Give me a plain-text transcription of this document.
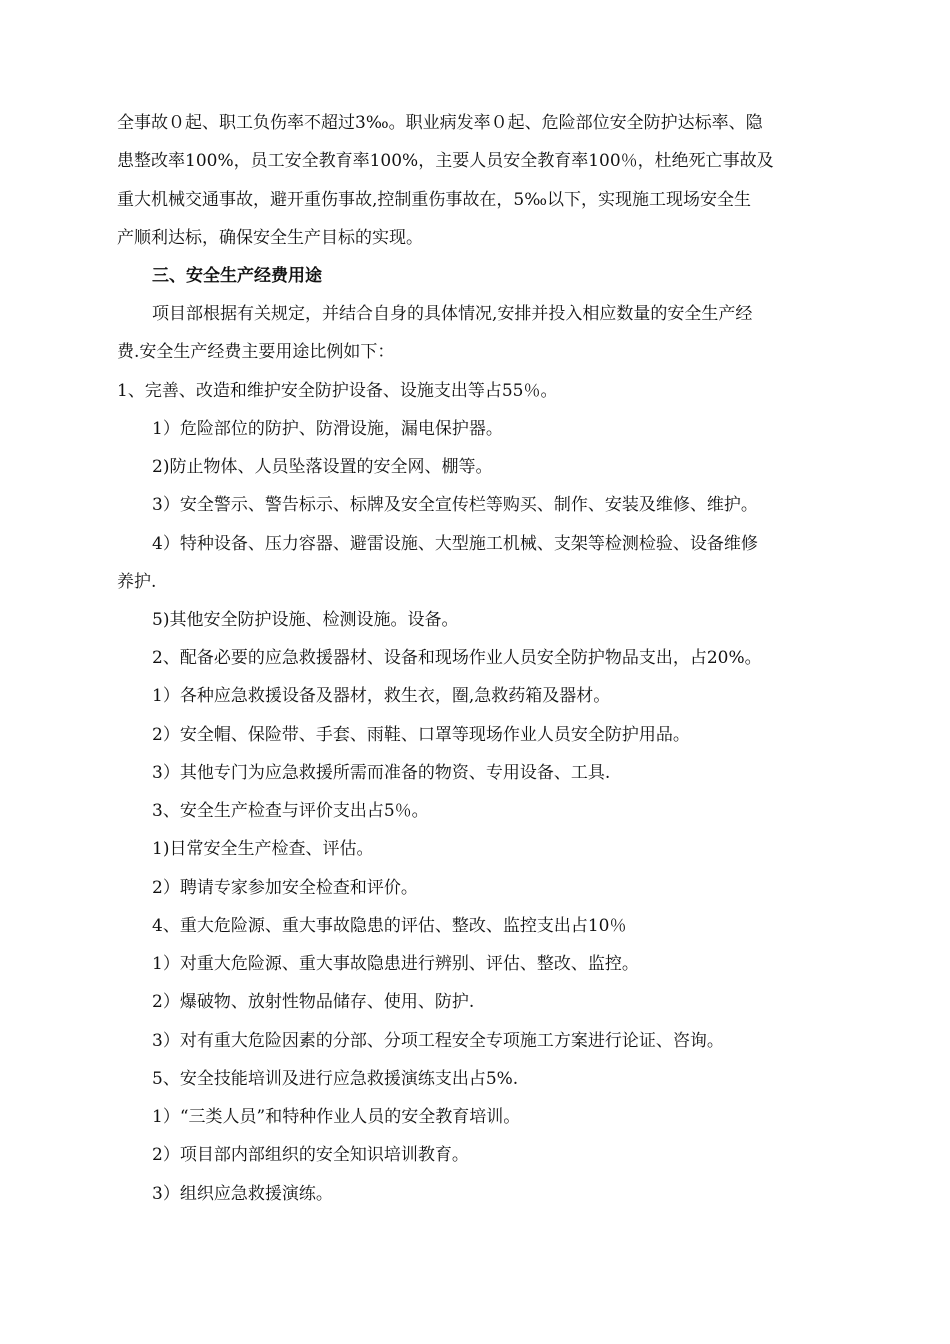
全事故０起、职工负伤率不超过3‰。职业病发率０起、危险部位安全防护达标率、隐
患整改率100%，员工安全教育率100%，主要人员安全教育率100％，杜绝死亡事故及
重大机械交通事故，避开重伤事故,控制重伤事故在，5‰以下，实现施工现场安全生
产顺利达标，确保安全生产目标的实现。
三、安全生产经费用途
项目部根据有关规定，并结合自身的具体情况,安排并投入相应数量的安全生产经
费.安全生产经费主要用途比例如下：
1、完善、改造和维护安全防护设备、设施支出等占55％。
1）危险部位的防护、防滑设施，漏电保护器。
2)防止物体、人员坠落设置的安全网、棚等。
3）安全警示、警告标示、标牌及安全宣传栏等购买、制作、安装及维修、维护。
4）特种设备、压力容器、避雷设施、大型施工机械、支架等检测检验、设备维修
养护.
5)其他安全防护设施、检测设施。设备。
2、配备必要的应急救援器材、设备和现场作业人员安全防护物品支出，占20%。
1）各种应急救援设备及器材，救生衣，圈,急救药箱及器材。
2）安全帽、保险带、手套、雨鞋、口罩等现场作业人员安全防护用品。
3）其他专门为应急救援所需而准备的物资、专用设备、工具.
3、安全生产检查与评价支出占5％。
1)日常安全生产检查、评估。
2）聘请专家参加安全检查和评价。
4、重大危险源、重大事故隐患的评估、整改、监控支出占10％
1）对重大危险源、重大事故隐患进行辨别、评估、整改、监控。
2）爆破物、放射性物品储存、使用、防护.
3）对有重大危险因素的分部、分项工程安全专项施工方案进行论证、咨询。
5、安全技能培训及进行应急救援演练支出占5%.
1）“三类人员”和特种作业人员的安全教育培训。
2）项目部内部组织的安全知识培训教育。
3）组织应急救援演练。
